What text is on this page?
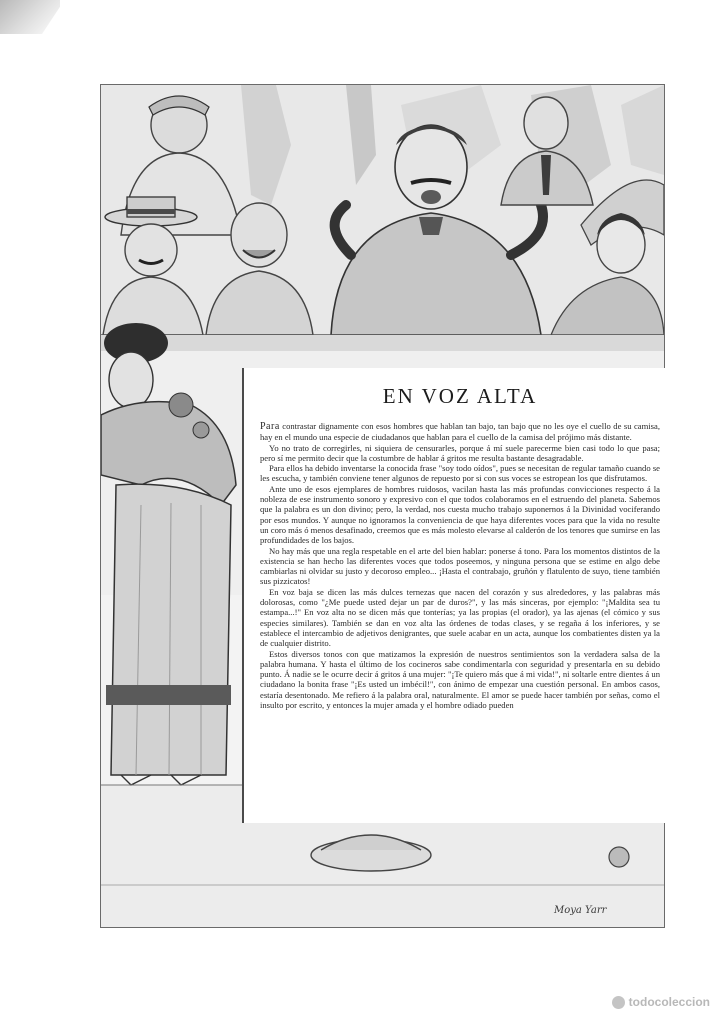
EN VOZ ALTA

Para contrastar dignamente con esos hombres que hablan tan bajo, tan bajo que no les oye el cuello de su camisa, hay en el mundo una especie de ciudadanos que hablan para el cuello de la camisa del prójimo más distante.

Yo no trato de corregirles, ni siquiera de censurarles, porque á mí suele parecerme bien casi todo lo que pasa; pero sí me permito decir que la costumbre de hablar á gritos me resulta bastante desagradable.

Para ellos ha debido inventarse la conocida frase "soy todo oídos", pues se necesitan de regular tamaño cuando se les escucha, y también conviene tener algunos de repuesto por si con sus voces se estropean los que disfrutamos.

Ante uno de esos ejemplares de hombres ruidosos, vacilan hasta las más profundas convicciones respecto á la nobleza de ese instrumento sonoro y expresivo con el que todos colaboramos en el estruendo del planeta. Sabemos que la palabra es un don divino; pero, la verdad, nos cuesta mucho trabajo suponernos á la Divinidad vociferando por esos mundos. Y aunque no ignoramos la conveniencia de que haya diferentes voces para que la vida no resulte un coro más ó menos desafinado, creemos que es más molesto elevarse al calderón de los tenores que sumirse en las profundidades de los bajos.

No hay más que una regla respetable en el arte del bien hablar: ponerse á tono. Para los momentos distintos de la existencia se han hecho las diferentes voces que todos poseemos, y ninguna persona que se estime en algo debe cambiarlas ni olvidar su justo y decoroso empleo... ¡Hasta el contrabajo, gruñón y flatulento de suyo, tiene también sus pizzicatos!

En voz baja se dicen las más dulces ternezas que nacen del corazón y sus alrededores, y las palabras más dolorosas, como "¿Me puede usted dejar un par de duros?", y las más sinceras, por ejemplo: "¡Maldita sea tu estampa...!" En voz alta no se dicen más que tonterías; ya las propias (el orador), ya las ajenas (el cómico y sus especies similares). También se dan en voz alta las órdenes de todas clases, y se regaña á los inferiores, y se establece el intercambio de adjetivos denigrantes, que suele acabar en un acta, aunque los combatientes disten ya la de cualquier distrito.

Estos diversos tonos con que matizamos la expresión de nuestros sentimientos son la verdadera salsa de la palabra humana. Y hasta el último de los cocineros sabe condimentarla con seguridad y presentarla en su debido punto. Á nadie se le ocurre decir á gritos á una mujer: "¡Te quiero más que á mi vida!", ni soltarle entre dientes á un ciudadano la bonita frase "¡Es usted un imbécil!", con ánimo de empezar una cuestión personal. En ambos casos, estaría desentonado. Me refiero á la palabra oral, naturalmente. El amor se puede hacer también por señas, como el insulto por escrito, y entonces la mujer amada y el hombre odiado pueden

Moya Yarr
todocoleccion
